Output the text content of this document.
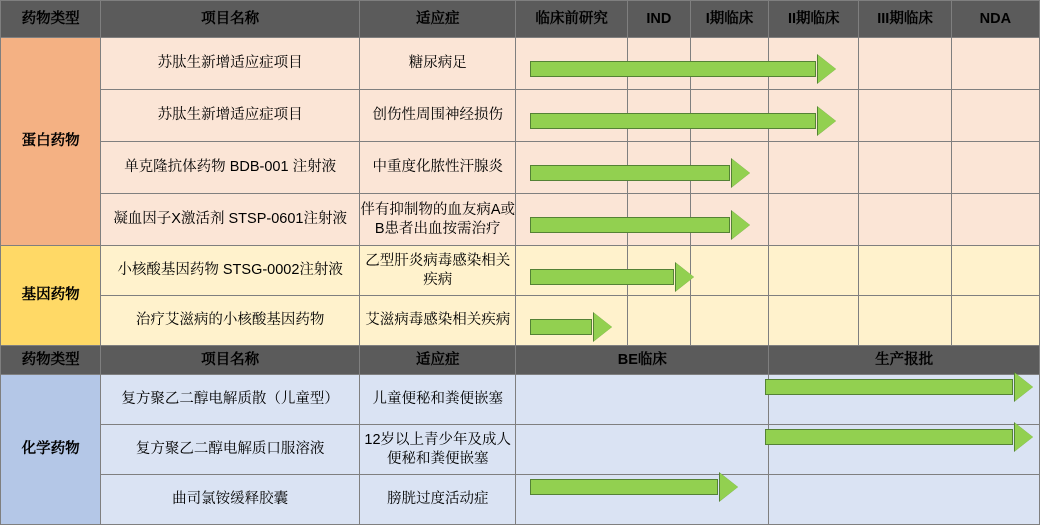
药物类型	项目名称	适应症	临床前研究	IND	I期临床	II期临床	III期临床	NDA
蛋白药物	苏肽生新增适应症项目	糖尿病足						
	苏肽生新增适应症项目	创伤性周围神经损伤						
	单克隆抗体药物 BDB-001 注射液	中重度化脓性汗腺炎						
	凝血因子X激活剂 STSP-0601注射液	伴有抑制物的血友病A或B患者出血按需治疗						
基因药物	小核酸基因药物 STSG-0002注射液	乙型肝炎病毒感染相关疾病						
	治疗艾滋病的小核酸基因药物	艾滋病毒感染相关疾病						
药物类型	项目名称	适应症	BE临床			生产报批		
化学药物	复方聚乙二醇电解质散（儿童型）	儿童便秘和粪便嵌塞						
	复方聚乙二醇电解质口服溶液	12岁以上青少年及成人便秘和粪便嵌塞						
	曲司氯铵缓释胶囊	膀胱过度活动症						
